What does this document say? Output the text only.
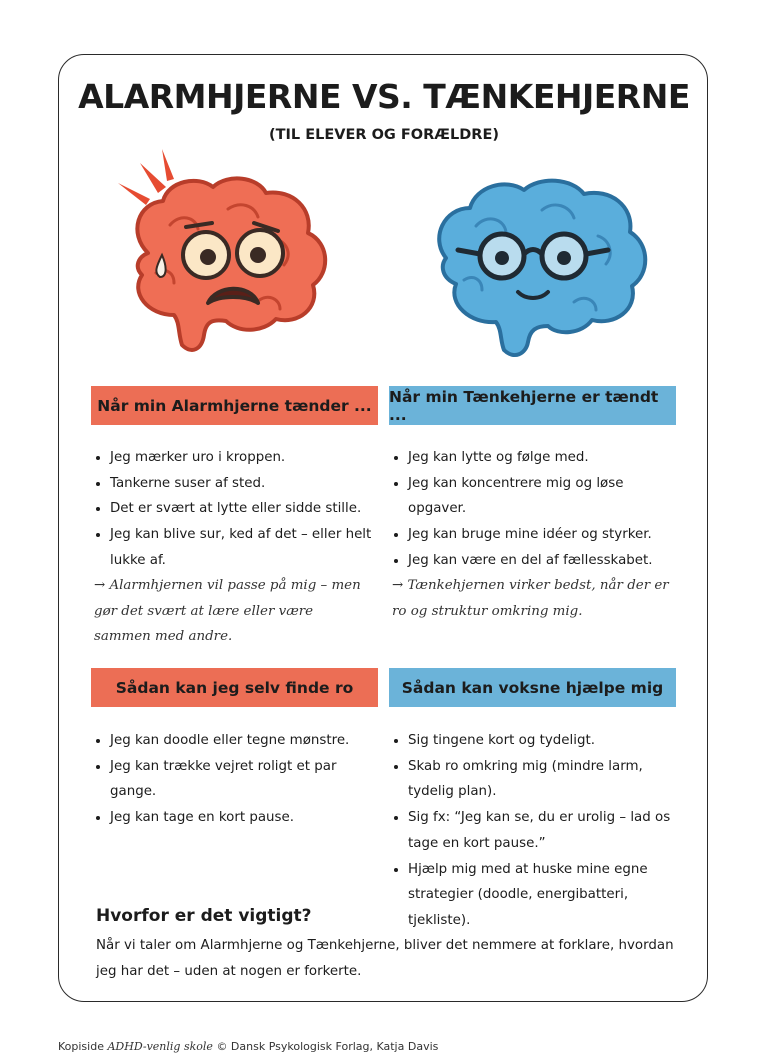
ALARMHJERNE VS. TÆNKEHJERNE
(TIL ELEVER OG FORÆLDRE)
Når min Alarmhjerne tænder ...	Når min Tænkehjerne er tændt ...
Jeg mærker uro i kroppen.
Tankerne suser af sted.
Det er svært at lytte eller sidde stille.
Jeg kan blive sur, ked af det – eller helt lukke af.
→ Alarmhjernen vil passe på mig – men gør det svært at lære eller være sammen med andre.
Jeg kan lytte og følge med.
Jeg kan koncentrere mig og løse opgaver.
Jeg kan bruge mine idéer og styrker.
Jeg kan være en del af fællesskabet.
→ Tænkehjernen virker bedst, når der er ro og struktur omkring mig.
Sådan kan jeg selv finde ro	Sådan kan voksne hjælpe mig
Jeg kan doodle eller tegne mønstre.
Jeg kan trække vejret roligt et par gange.
Jeg kan tage en kort pause.
Sig tingene kort og tydeligt.
Skab ro omkring mig (mindre larm, tydelig plan).
Sig fx: “Jeg kan se, du er urolig – lad os tage en kort pause.”
Hjælp mig med at huske mine egne strategier (doodle, energibatteri, tjekliste).
Hvorfor er det vigtigt?
Når vi taler om Alarmhjerne og Tænkehjerne, bliver det nemmere at forklare, hvordan jeg har det – uden at nogen er forkerte.
Kopiside ADHD-venlig skole © Dansk Psykologisk Forlag, Katja Davis
